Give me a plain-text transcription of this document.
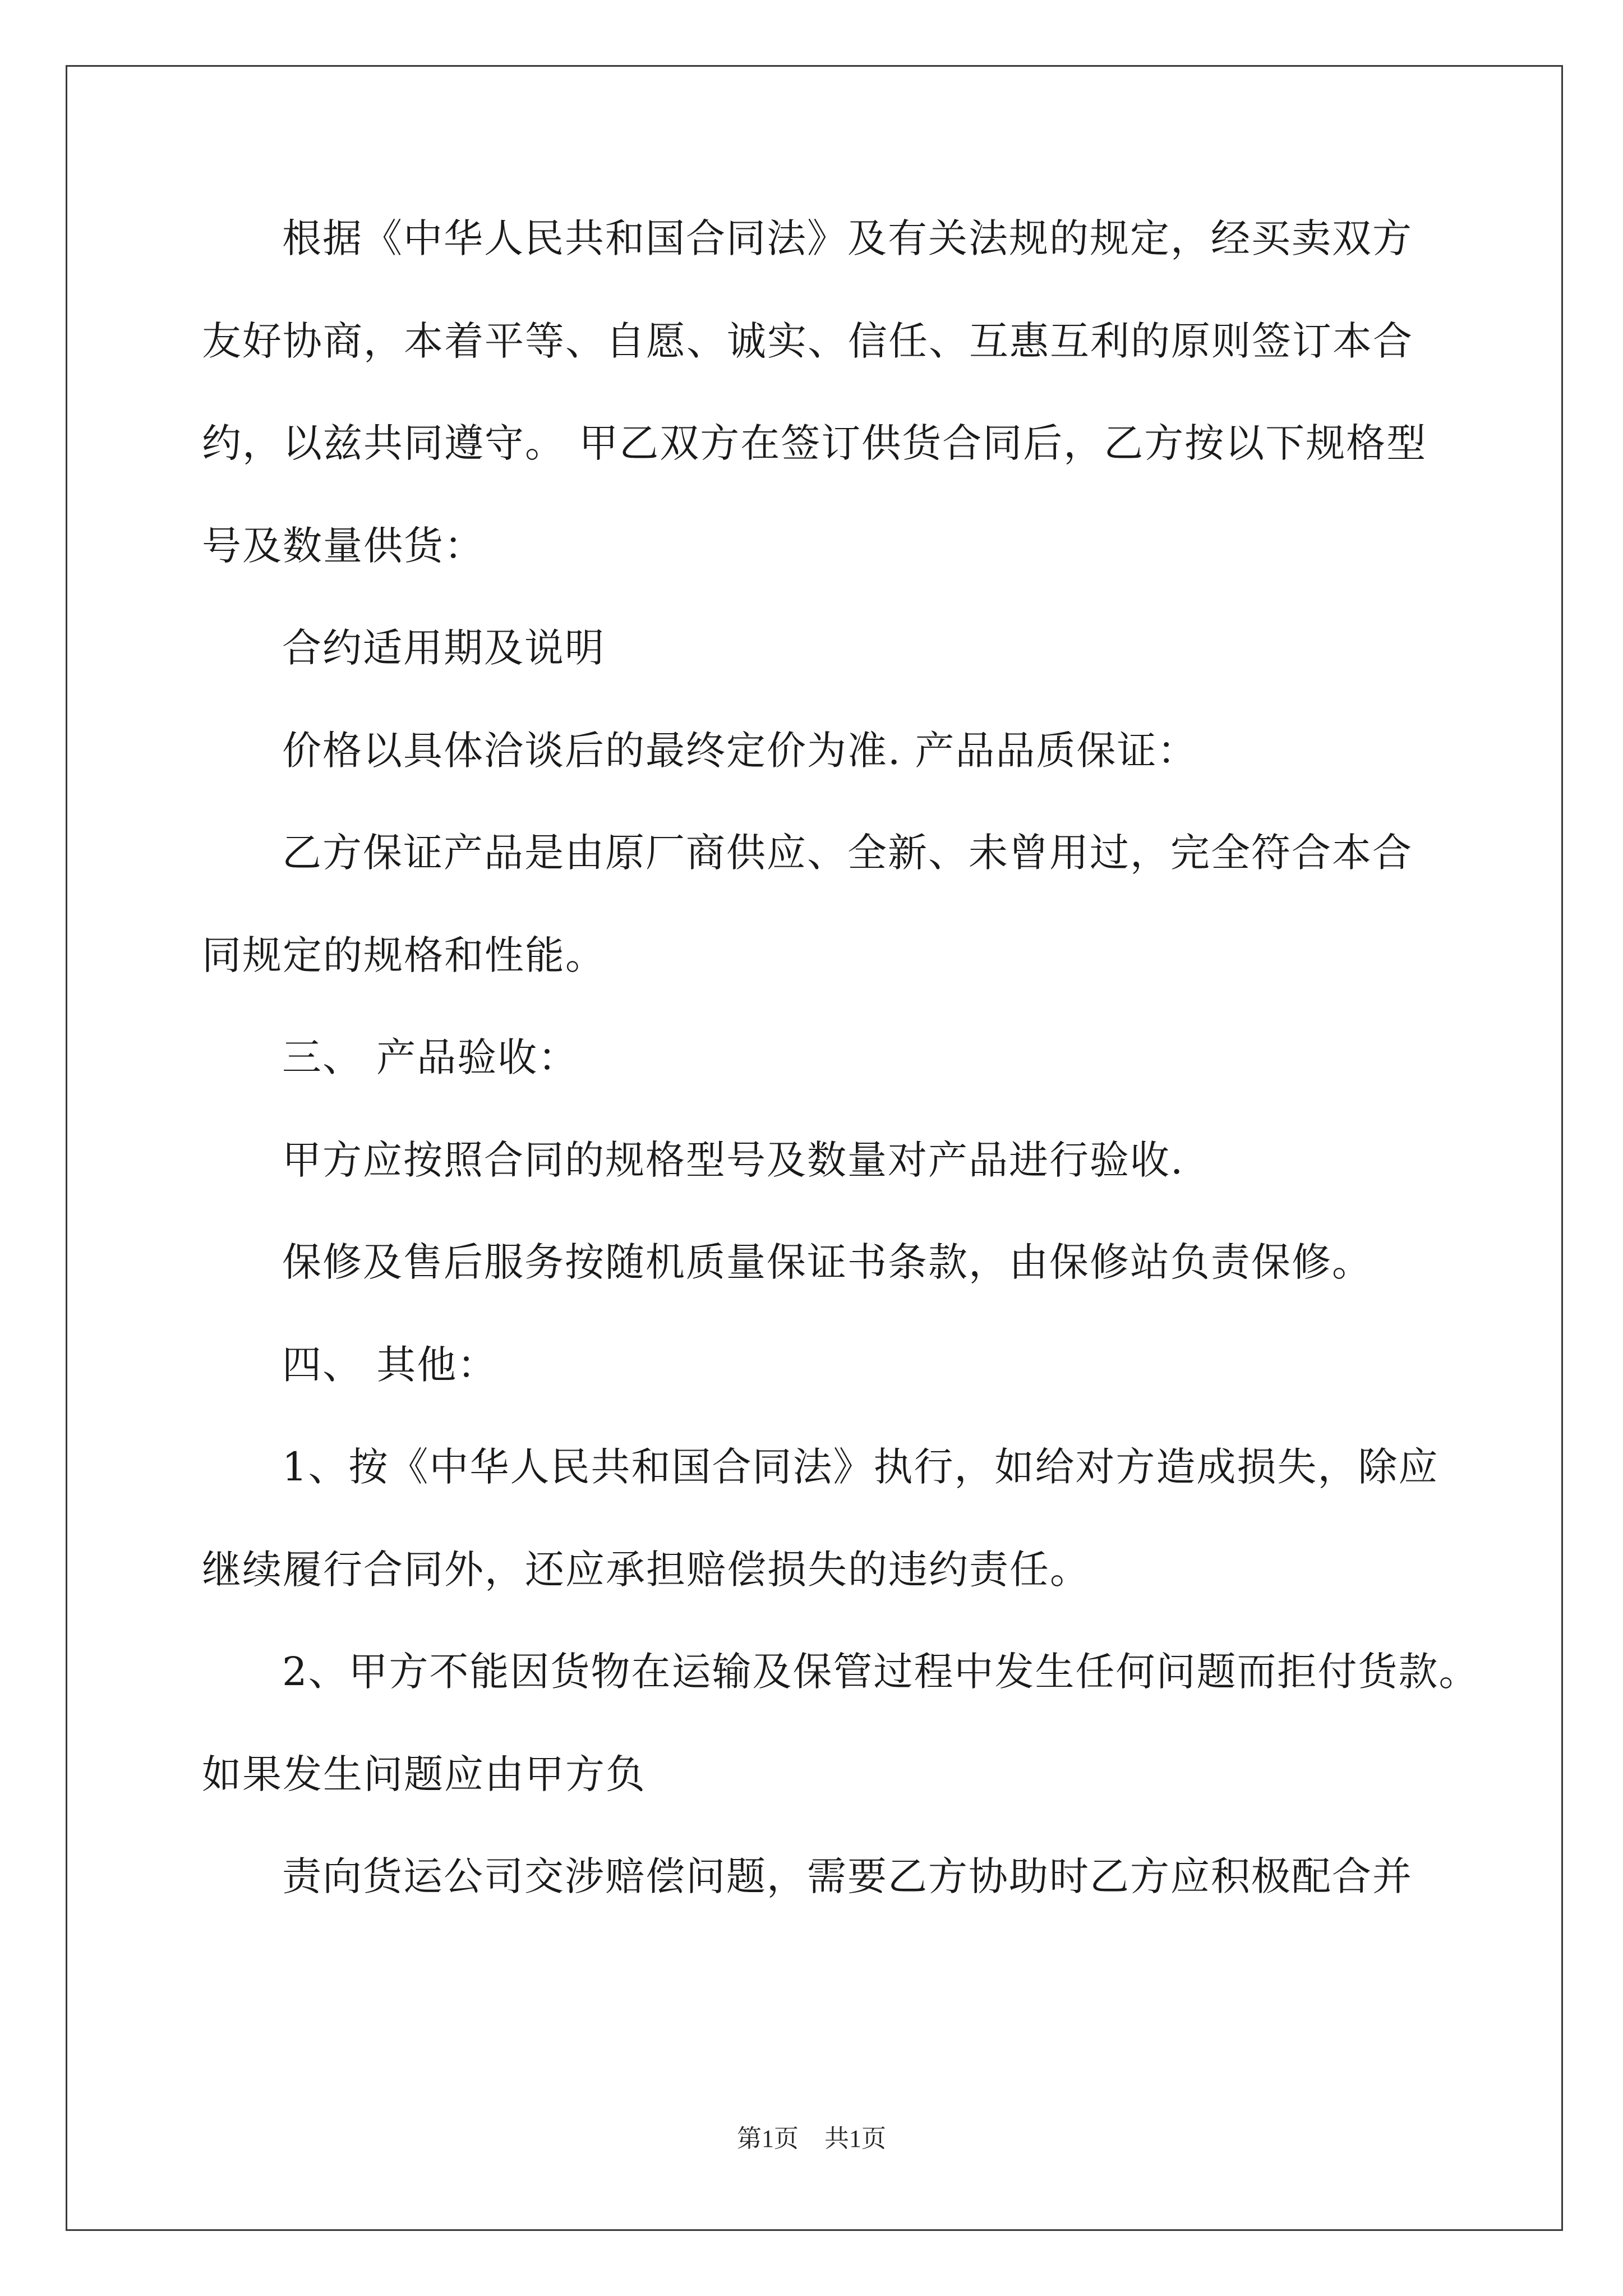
根据《中华人民共和国合同法》及有关法规的规定，经买卖双方
友好协商，本着平等、自愿、诚实、信任、互惠互利的原则签订本合
约，以兹共同遵守。 甲乙双方在签订供货合同后，乙方按以下规格型
号及数量供货：
合约适用期及说明
价格以具体洽谈后的最终定价为准. 产品品质保证：
乙方保证产品是由原厂商供应、全新、未曾用过，完全符合本合
同规定的规格和性能。
三、 产品验收：
甲方应按照合同的规格型号及数量对产品进行验收.
保修及售后服务按随机质量保证书条款，由保修站负责保修。
四、 其他：
1、按《中华人民共和国合同法》执行，如给对方造成损失，除应
继续履行合同外，还应承担赔偿损失的违约责任。
2、甲方不能因货物在运输及保管过程中发生任何问题而拒付货款。
如果发生问题应由甲方负
责向货运公司交涉赔偿问题，需要乙方协助时乙方应积极配合并
第1页 共1页
